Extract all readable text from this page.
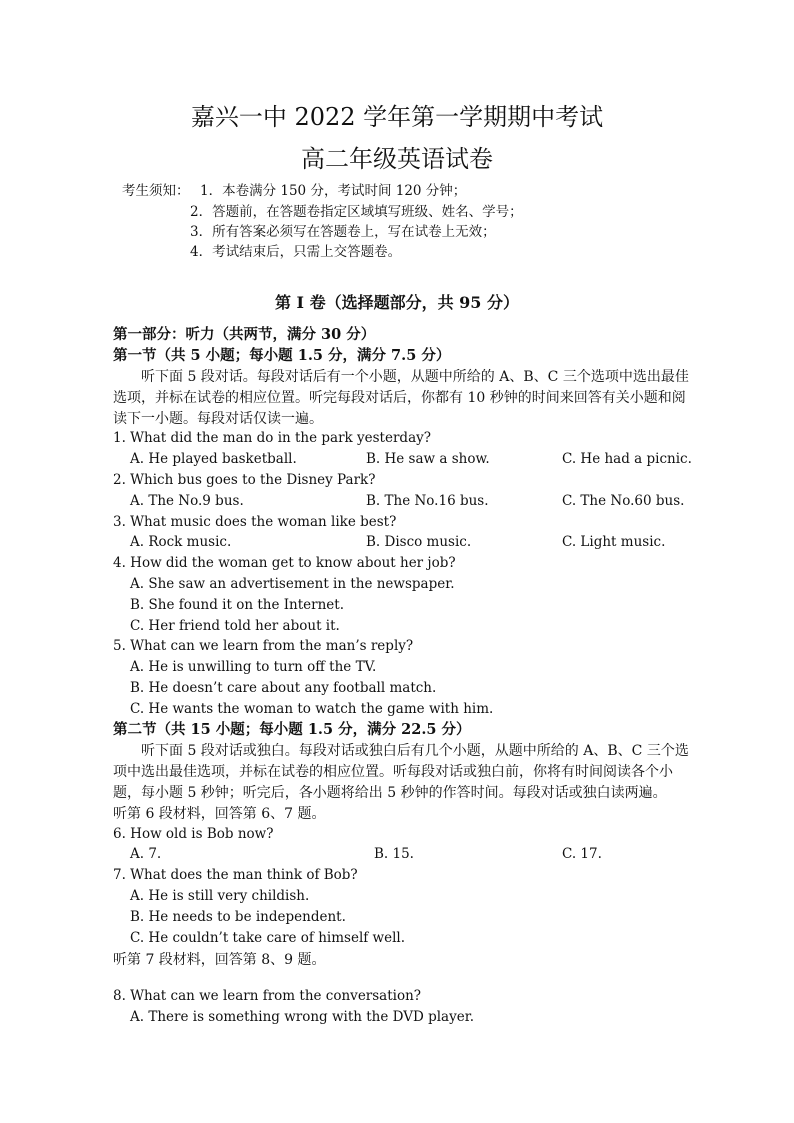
嘉兴一中 2022 学年第一学期期中考试
高二年级英语试卷
考生须知： 1．本卷满分 150 分，考试时间 120 分钟；
2．答题前，在答题卷指定区域填写班级、姓名、学号；
3．所有答案必须写在答题卷上，写在试卷上无效；
4．考试结束后，只需上交答题卷。
第 I 卷（选择题部分，共 95 分）
第一部分：听力（共两节，满分 30 分）
第一节（共 5 小题；每小题 1.5 分，满分 7.5 分）
听下面 5 段对话。每段对话后有一个小题，从题中所给的 A、B、C 三个选项中选出最佳
选项，并标在试卷的相应位置。听完每段对话后，你都有 10 秒钟的时间来回答有关小题和阅
读下一小题。每段对话仅读一遍。
1. What did the man do in the park yesterday?
A. He played basketball.	B. He saw a show.	C. He had a picnic.
2. Which bus goes to the Disney Park?
A. The No.9 bus.	B. The No.16 bus.	C. The No.60 bus.
3. What music does the woman like best?
A. Rock music.	B. Disco music.	C. Light music.
4. How did the woman get to know about her job?
A. She saw an advertisement in the newspaper.
B. She found it on the Internet.
C. Her friend told her about it.
5. What can we learn from the man’s reply?
A. He is unwilling to turn off the TV.
B. He doesn’t care about any football match.
C. He wants the woman to watch the game with him.
第二节（共 15 小题；每小题 1.5 分，满分 22.5 分）
听下面 5 段对话或独白。每段对话或独白后有几个小题，从题中所给的 A、B、C 三个选
项中选出最佳选项，并标在试卷的相应位置。听每段对话或独白前，你将有时间阅读各个小
题，每小题 5 秒钟；听完后，各小题将给出 5 秒钟的作答时间。每段对话或独白读两遍。
听第 6 段材料，回答第 6、7 题。
6. How old is Bob now?
A. 7.	B. 15.	C. 17.
7. What does the man think of Bob?
A. He is still very childish.
B. He needs to be independent.
C. He couldn’t take care of himself well.
听第 7 段材料，回答第 8、9 题。
8. What can we learn from the conversation?
A. There is something wrong with the DVD player.
